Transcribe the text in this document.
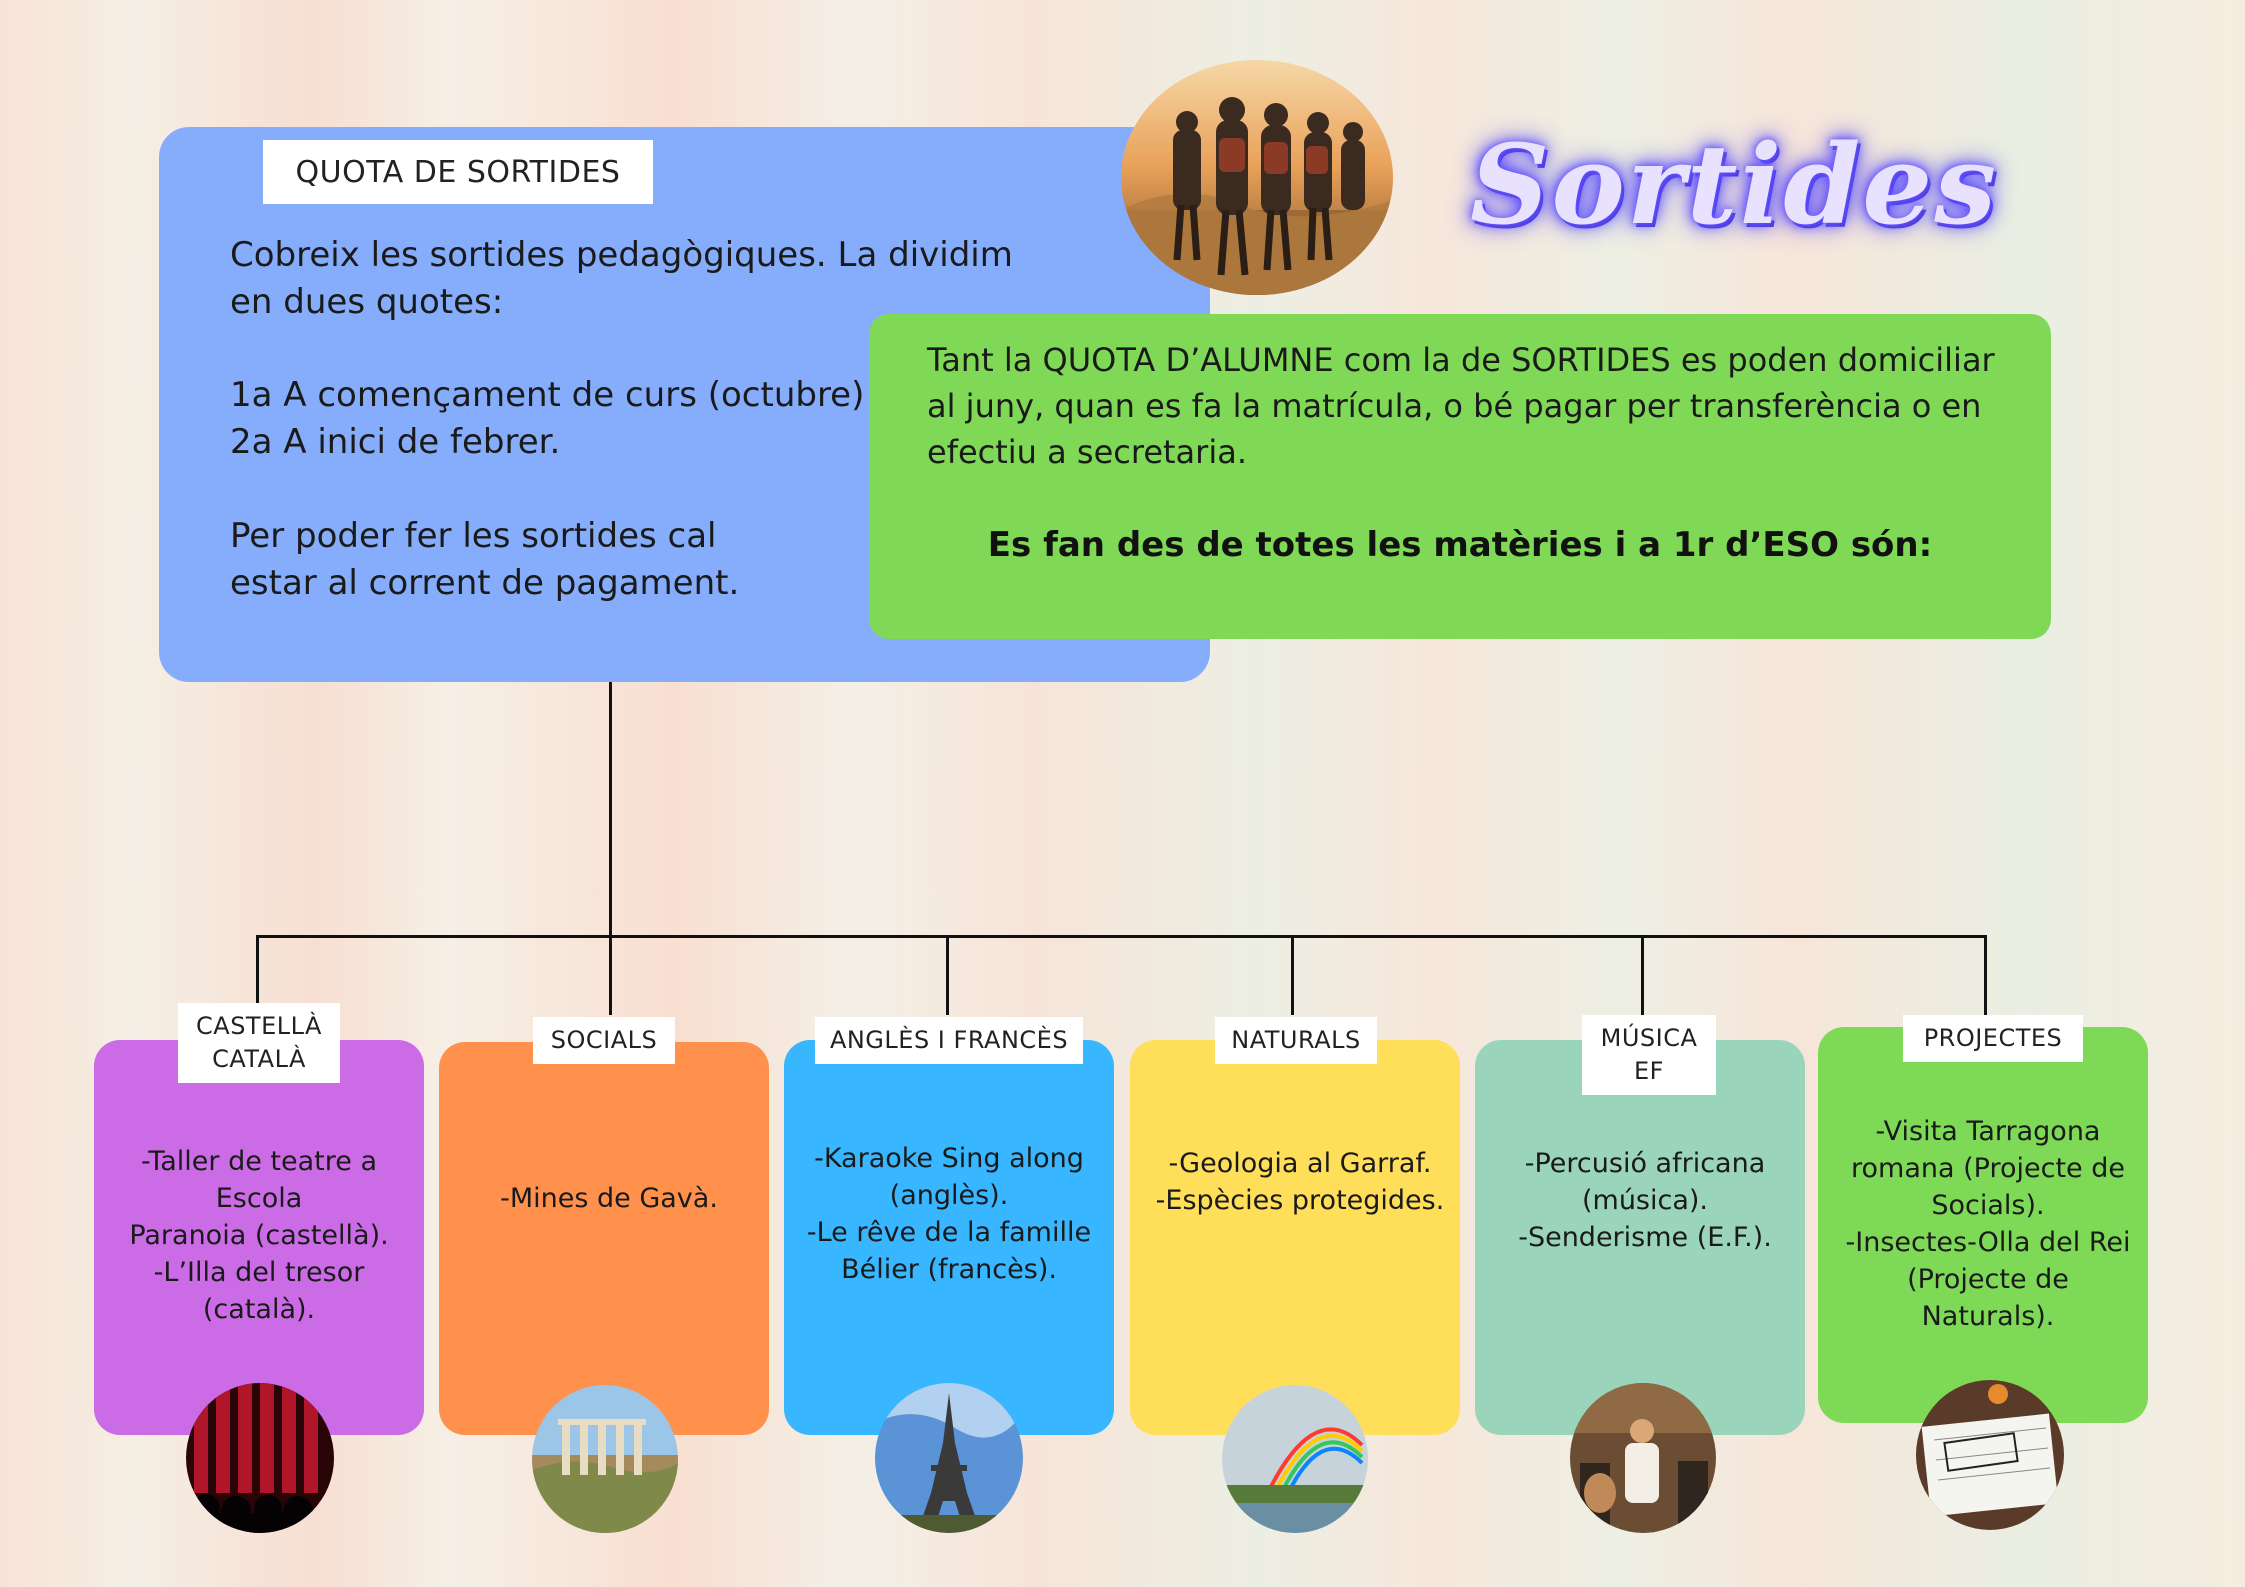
QUOTA DE SORTIDES
Cobreix les sortides pedagògiques. La dividim en dues quotes:
1a A començament de curs (octubre)
2a A inici de febrer.
Per poder fer les sortides cal estar al corrent de pagament.
Sortides
Tant la QUOTA D’ALUMNE com la de SORTIDES es poden domiciliar al juny, quan es fa la matrícula, o bé pagar per transferència o en efectiu a secretaria.
Es fan des de totes les matèries i a 1r d’ESO són:
CASTELLÀ
CATALÀ
-Taller de teatre a Escola
Paranoia (castellà).
-L’Illa del tresor (català).
SOCIALS
-Mines de Gavà.
ANGLÈS I FRANCÈS
-Karaoke Sing along
(anglès).
-Le rêve de la famille
Bélier (francès).
NATURALS
-Geologia al Garraf.
-Espècies protegides.
MÚSICA
EF
-Percusió africana
(música).
-Senderisme (E.F.).
PROJECTES
-Visita Tarragona
romana (Projecte de
Socials).
-Insectes-Olla del Rei
(Projecte de
Naturals).
